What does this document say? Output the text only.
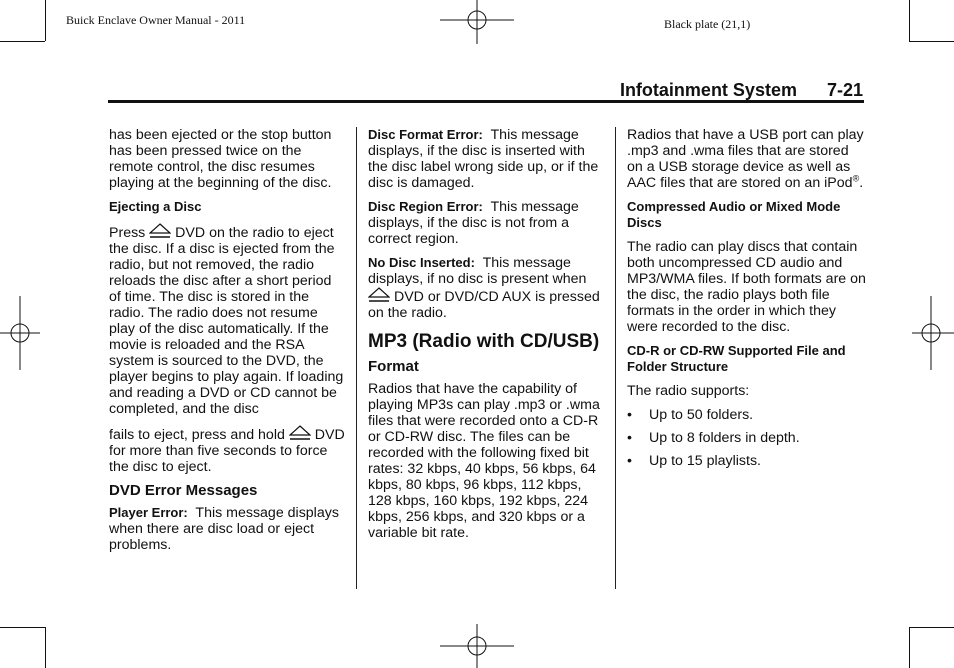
Buick Enclave Owner Manual - 2011	Black plate (21,1)
Infotainment System 7-21

has been ejected or the stop button has been pressed twice on the remote control, the disc resumes playing at the beginning of the disc.

Ejecting a Disc

Press DVD on the radio to eject the disc. If a disc is ejected from the radio, but not removed, the radio reloads the disc after a short period of time. The disc is stored in the radio. The radio does not resume play of the disc automatically. If the movie is reloaded and the RSA system is sourced to the DVD, the player begins to play again. If loading and reading a DVD or CD cannot be completed, and the disc

fails to eject, press and hold DVD for more than five seconds to force the disc to eject.

DVD Error Messages

Player Error: This message displays when there are disc load or eject problems.

Disc Format Error: This message displays, if the disc is inserted with the disc label wrong side up, or if the disc is damaged.

Disc Region Error: This message displays, if the disc is not from a correct region.

No Disc Inserted: This message displays, if no disc is present when  DVD or DVD/CD AUX is pressed on the radio.

MP3 (Radio with CD/USB)
Format

Radios that have the capability of playing MP3s can play .mp3 or .wma files that were recorded onto a CD-R or CD-RW disc. The files can be recorded with the following fixed bit rates: 32 kbps, 40 kbps, 56 kbps, 64 kbps, 80 kbps, 96 kbps, 112 kbps, 128 kbps, 160 kbps, 192 kbps, 224 kbps, 256 kbps, and 320 kbps or a variable bit rate.

Radios that have a USB port can play .mp3 and .wma files that are stored on a USB storage device as well as AAC files that are stored on an iPod®.

Compressed Audio or Mixed Mode Discs

The radio can play discs that contain both uncompressed CD audio and MP3/WMA files. If both formats are on the disc, the radio plays both file formats in the order in which they were recorded to the disc.

CD-R or CD-RW Supported File and Folder Structure

The radio supports:

• Up to 50 folders.
• Up to 8 folders in depth.
• Up to 15 playlists.
